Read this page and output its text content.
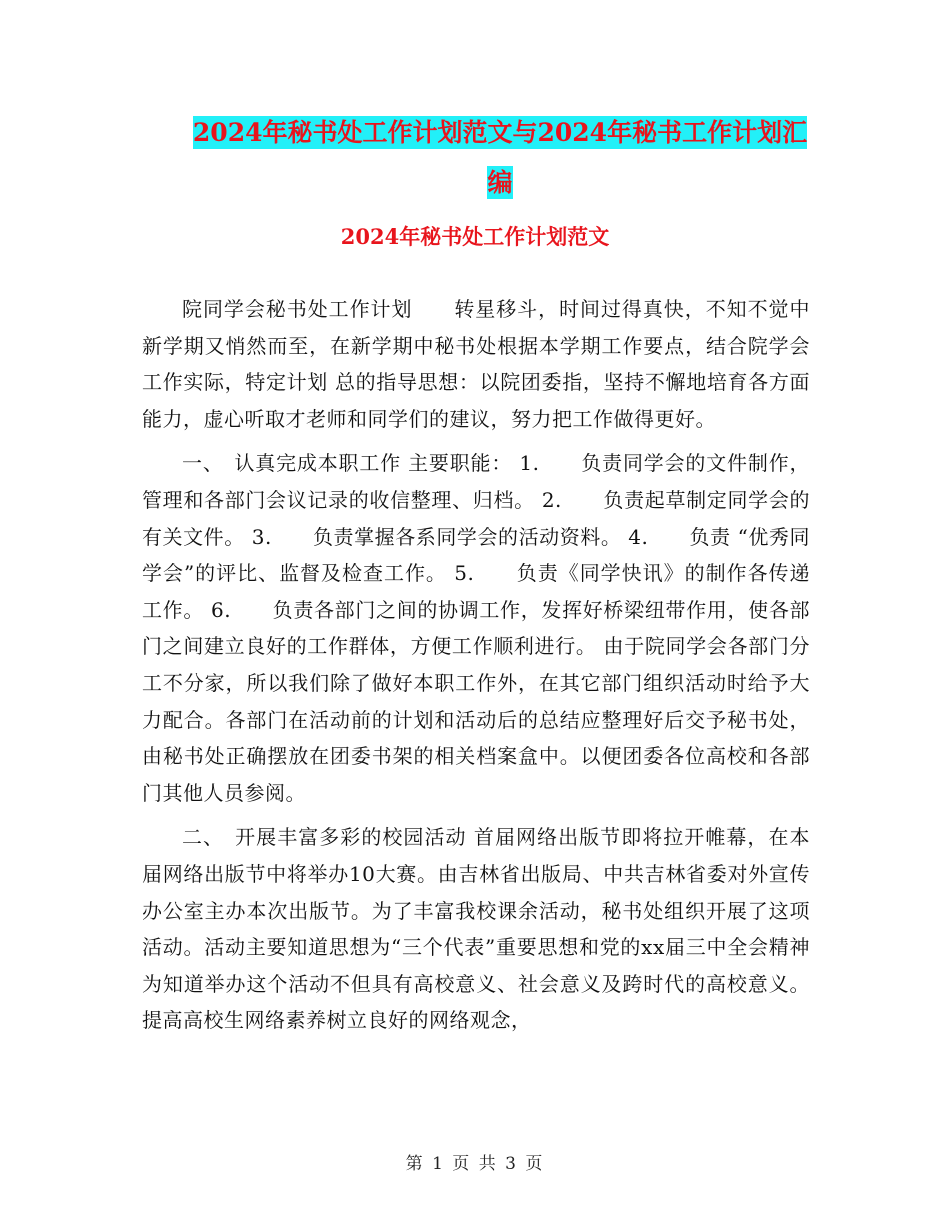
2024年秘书处工作计划范文与2024年秘书工作计划汇
编
2024年秘书处工作计划范文

院同学会秘书处工作计划　　转星移斗，时间过得真快，不知不觉中新学期又悄然而至，在新学期中秘书处根据本学期工作要点，结合院学会工作实际，特定计划 总的指导思想：以院团委指，坚持不懈地培育各方面能力，虚心听取才老师和同学们的建议，努力把工作做得更好。

一、　认真完成本职工作 主要职能： 1.　　负责同学会的文件制作，管理和各部门会议记录的收信整理、归档。 2.　　负责起草制定同学会的有关文件。 3.　　负责掌握各系同学会的活动资料。 4.　　负责 “优秀同学会”的评比、监督及检查工作。 5.　　负责《同学快讯》的制作各传递工作。 6.　　负责各部门之间的协调工作，发挥好桥梁纽带作用，使各部门之间建立良好的工作群体，方便工作顺利进行。 由于院同学会各部门分工不分家，所以我们除了做好本职工作外，在其它部门组织活动时给予大力配合。各部门在活动前的计划和活动后的总结应整理好后交予秘书处，由秘书处正确摆放在团委书架的相关档案盒中。以便团委各位高校和各部门其他人员参阅。

二、　开展丰富多彩的校园活动 首届网络出版节即将拉开帷幕，在本届网络出版节中将举办10大赛。由吉林省出版局、中共吉林省委对外宣传办公室主办本次出版节。为了丰富我校课余活动，秘书处组织开展了这项活动。活动主要知道思想为“三个代表”重要思想和党的xx届三中全会精神为知道举办这个活动不但具有高校意义、社会意义及跨时代的高校意义。提高高校生网络素养树立良好的网络观念，

第 1 页 共 3 页
